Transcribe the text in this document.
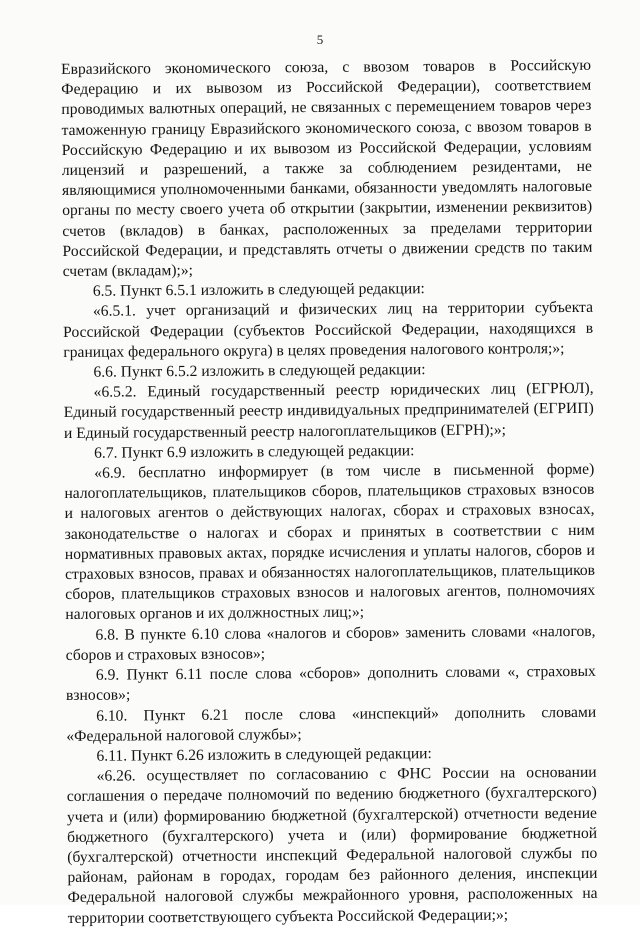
5

Евразийского экономического союза, с ввозом товаров в Российскую Федерацию и их вывозом из Российской Федерации), соответствием проводимых валютных операций, не связанных с перемещением товаров через таможенную границу Евразийского экономического союза, с ввозом товаров в Российскую Федерацию и их вывозом из Российской Федерации, условиям лицензий и разрешений, а также за соблюдением резидентами, не являющимися уполномоченными банками, обязанности уведомлять налоговые органы по месту своего учета об открытии (закрытии, изменении реквизитов) счетов (вкладов) в банках, расположенных за пределами территории Российской Федерации, и представлять отчеты о движении средств по таким счетам (вкладам);»;

6.5. Пункт 6.5.1 изложить в следующей редакции:

«6.5.1. учет организаций и физических лиц на территории субъекта Российской Федерации (субъектов Российской Федерации, находящихся в границах федерального округа) в целях проведения налогового контроля;»;

6.6. Пункт 6.5.2 изложить в следующей редакции:

«6.5.2. Единый государственный реестр юридических лиц (ЕГРЮЛ), Единый государственный реестр индивидуальных предпринимателей (ЕГРИП) и Единый государственный реестр налогоплательщиков (ЕГРН);»;

6.7. Пункт 6.9 изложить в следующей редакции:

«6.9. бесплатно информирует (в том числе в письменной форме) налогоплательщиков, плательщиков сборов, плательщиков страховых взносов и налоговых агентов о действующих налогах, сборах и страховых взносах, законодательстве о налогах и сборах и принятых в соответствии с ним нормативных правовых актах, порядке исчисления и уплаты налогов, сборов и страховых взносов, правах и обязанностях налогоплательщиков, плательщиков сборов, плательщиков страховых взносов и налоговых агентов, полномочиях налоговых органов и их должностных лиц;»;

6.8. В пункте 6.10 слова «налогов и сборов» заменить словами «налогов, сборов и страховых взносов»;

6.9. Пункт 6.11 после слова «сборов» дополнить словами «, страховых взносов»;

6.10. Пункт 6.21 после слова «инспекций» дополнить словами «Федеральной налоговой службы»;

6.11. Пункт 6.26 изложить в следующей редакции:

«6.26. осуществляет по согласованию с ФНС России на основании соглашения о передаче полномочий по ведению бюджетного (бухгалтерского) учета и (или) формированию бюджетной (бухгалтерской) отчетности ведение бюджетного (бухгалтерского) учета и (или) формирование бюджетной (бухгалтерской) отчетности инспекций Федеральной налоговой службы по районам, районам в городах, городам без районного деления, инспекции Федеральной налоговой службы межрайонного уровня, расположенных на территории соответствующего субъекта Российской Федерации;»;
